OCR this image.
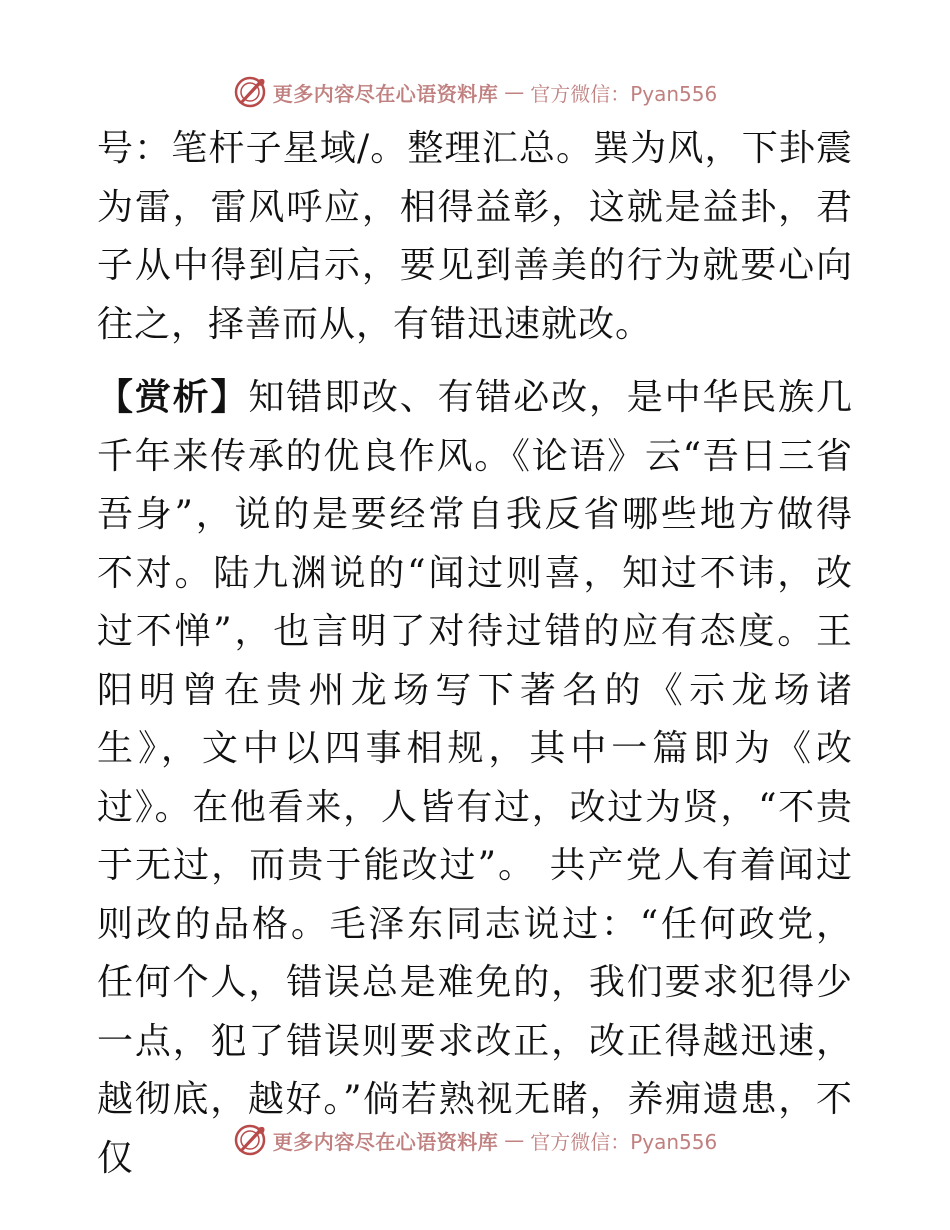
更多内容尽在心语资料库 — 官方微信：Pyan556

号：笔杆子星域/。整理汇总。巽为风，下卦震为雷，雷风呼应，相得益彰，这就是益卦，君子从中得到启示，要见到善美的行为就要心向往之，择善而从，有错迅速就改。

【赏析】知错即改、有错必改，是中华民族几千年来传承的优良作风。《论语》云“吾日三省吾身”，说的是要经常自我反省哪些地方做得不对。陆九渊说的“闻过则喜，知过不讳，改过不惮”，也言明了对待过错的应有态度。王阳明曾在贵州龙场写下著名的《示龙场诸生》，文中以四事相规，其中一篇即为《改过》。在他看来，人皆有过，改过为贤，“不贵于无过，而贵于能改过”。 共产党人有着闻过则改的品格。毛泽东同志说过：“任何政党，任何个人，错误总是难免的，我们要求犯得少一点，犯了错误则要求改正，改正得越迅速，越彻底，越好。”倘若熟视无睹，养痈遗患，不仅	更多内容尽在心语资料库 — 官方微信：Pyan556
